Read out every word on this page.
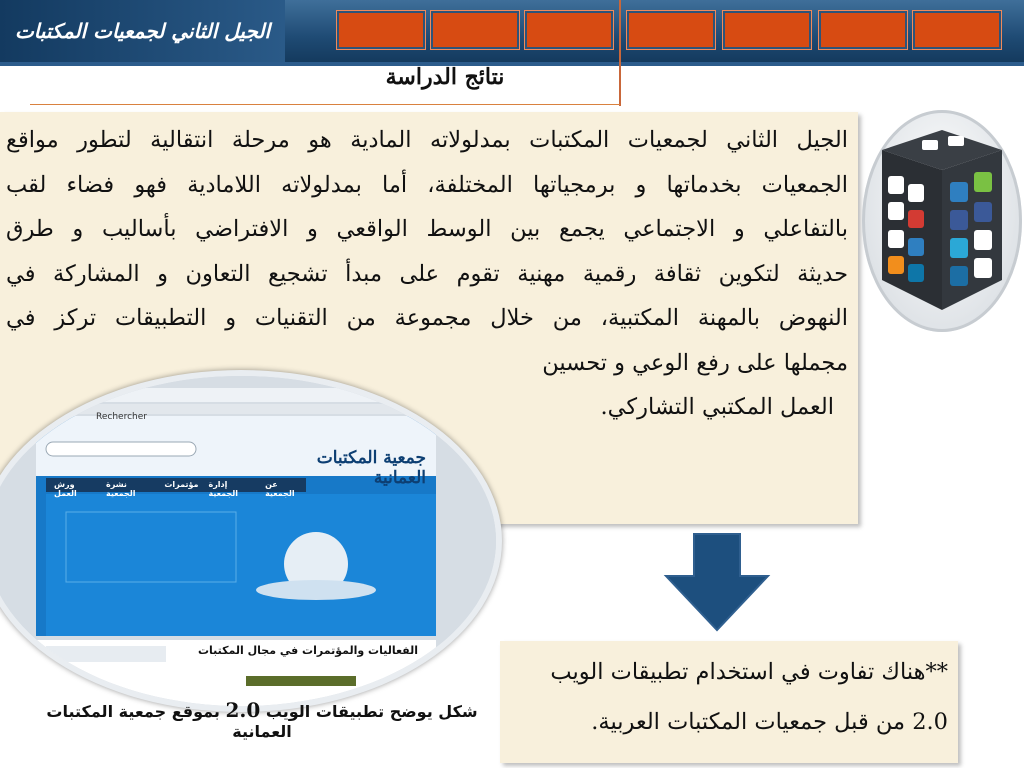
الجيل الثاني لجمعيات المكتبات
نتائج الدراسة
الجيل الثاني لجمعيات المكتبات بمدلولاته المادية هو مرحلة انتقالية لتطور مواقع
الجمعيات بخدماتها و برمجياتها المختلفة، أما بمدلولاته اللامادية فهو فضاء لقب
بالتفاعلي و الاجتماعي يجمع بين الوسط الواقعي و الافتراضي بأساليب و طرق
حديثة لتكوين ثقافة رقمية مهنية تقوم على مبدأ تشجيع التعاون و المشاركة في
النهوض بالمهنة المكتبية، من خلال مجموعة من التقنيات و التطبيقات تركز في
مجملها على رفع الوعي و تحسين
العمل المكتبي التشاركي.
Rechercher
جمعية المكتبات العمانية
عن الجمعية
إدارة الجمعية
مؤتمرات
نشرة الجمعية
ورش العمل
الفعاليات والمؤتمرات في مجال المكتبات
**هناك تفاوت في استخدام تطبيقات الويب
2.0 من قبل جمعيات المكتبات العربية.
شكل يوضح تطبيقات الويب 2.0 بموقع جمعية المكتبات العمانية
